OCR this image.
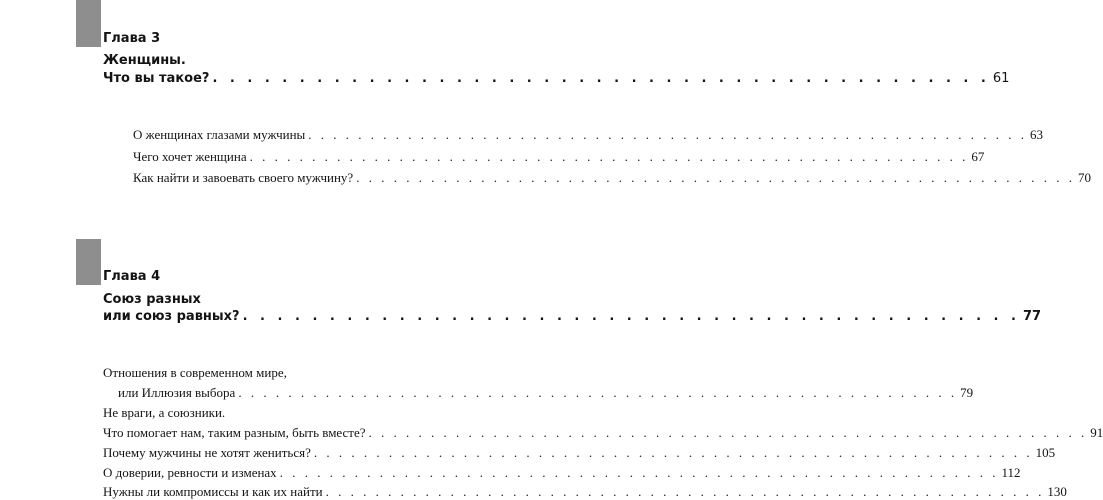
Глава 3
Женщины.
Что вы такое? . . . . . . . . . . . . . . . . . . . . . . . . . . . . . . . . . . . . . . . . . . . . . 61
О женщинах глазами мужчины . . . . . . . . . . . . . . . . . . . . . . . . . . . . . . . . . . . . . . . . . . . . . . . . . . . . . . . . . . 63
Чего хочет женщина . . . . . . . . . . . . . . . . . . . . . . . . . . . . . . . . . . . . . . . . . . . . . . . . . . . . . . . . . . 67
Как найти и завоевать своего мужчину? . . . . . . . . . . . . . . . . . . . . . . . . . . . . . . . . . . . . . . . . . . . . . . . . . . . . . . . . . . 70
Глава 4
Союз разных
или союз равных? . . . . . . . . . . . . . . . . . . . . . . . . . . . . . . . . . . . . . . . . . . . . . 77
Отношения в современном мире,
или Иллюзия выбора . . . . . . . . . . . . . . . . . . . . . . . . . . . . . . . . . . . . . . . . . . . . . . . . . . . . . . . . . . 79
Не враги, а союзники.
Что помогает нам, таким разным, быть вместе? . . . . . . . . . . . . . . . . . . . . . . . . . . . . . . . . . . . . . . . . . . . . . . . . . . . . . . . . . . 91
Почему мужчины не хотят жениться? . . . . . . . . . . . . . . . . . . . . . . . . . . . . . . . . . . . . . . . . . . . . . . . . . . . . . . . . . . 105
О доверии, ревности и изменах . . . . . . . . . . . . . . . . . . . . . . . . . . . . . . . . . . . . . . . . . . . . . . . . . . . . . . . . . . 112
Нужны ли компромиссы и как их найти . . . . . . . . . . . . . . . . . . . . . . . . . . . . . . . . . . . . . . . . . . . . . . . . . . . . . . . . . . 130
